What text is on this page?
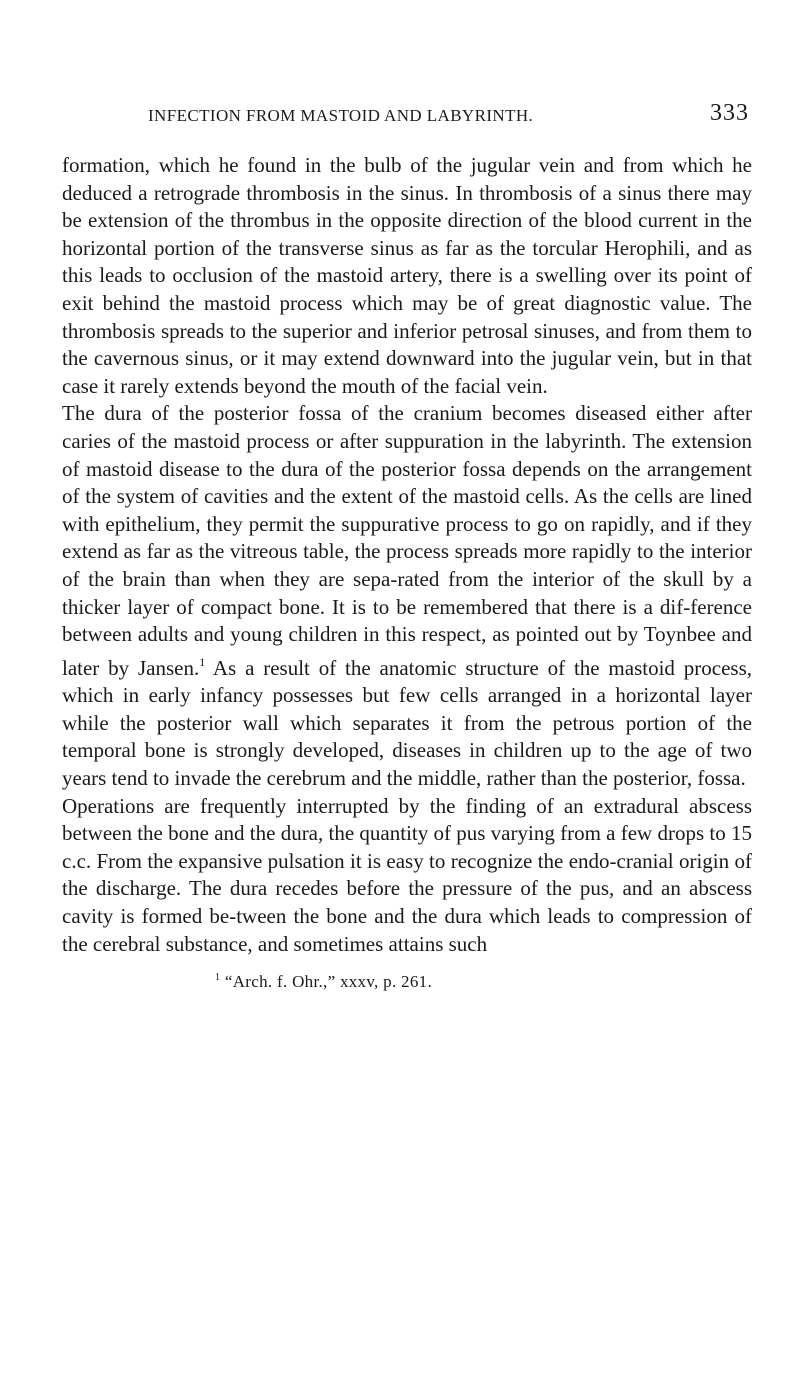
INFECTION FROM MASTOID AND LABYRINTH.	333

formation, which he found in the bulb of the jugular vein and from which he deduced a retrograde thrombosis in the sinus. In thrombosis of a sinus there may be extension of the thrombus in the opposite direction of the blood current in the horizontal portion of the transverse sinus as far as the torcular Herophili, and as this leads to occlusion of the mastoid artery, there is a swelling over its point of exit behind the mastoid process which may be of great diagnostic value. The thrombosis spreads to the superior and inferior petrosal sinuses, and from them to the cavernous sinus, or it may extend downward into the jugular vein, but in that case it rarely extends beyond the mouth of the facial vein.

The dura of the posterior fossa of the cranium becomes diseased either after caries of the mastoid process or after suppuration in the labyrinth. The extension of mastoid disease to the dura of the posterior fossa depends on the arrangement of the system of cavities and the extent of the mastoid cells. As the cells are lined with epithelium, they permit the suppurative process to go on rapidly, and if they extend as far as the vitreous table, the process spreads more rapidly to the interior of the brain than when they are sepa-rated from the interior of the skull by a thicker layer of compact bone. It is to be remembered that there is a dif-ference between adults and young children in this respect, as pointed out by Toynbee and later by Jansen.$^1$ As a result of the anatomic structure of the mastoid process, which in early infancy possesses but few cells arranged in a horizontal layer while the posterior wall which separates it from the petrous portion of the temporal bone is strongly developed, diseases in children up to the age of two years tend to invade the cerebrum and the middle, rather than the posterior, fossa.

Operations are frequently interrupted by the finding of an extradural abscess between the bone and the dura, the quantity of pus varying from a few drops to 15 c.c. From the expansive pulsation it is easy to recognize the endo-cranial origin of the discharge. The dura recedes before the pressure of the pus, and an abscess cavity is formed be-tween the bone and the dura which leads to compression of the cerebral substance, and sometimes attains such

$^1$ “Arch. f. Ohr.,” xxxv, p. 261.
